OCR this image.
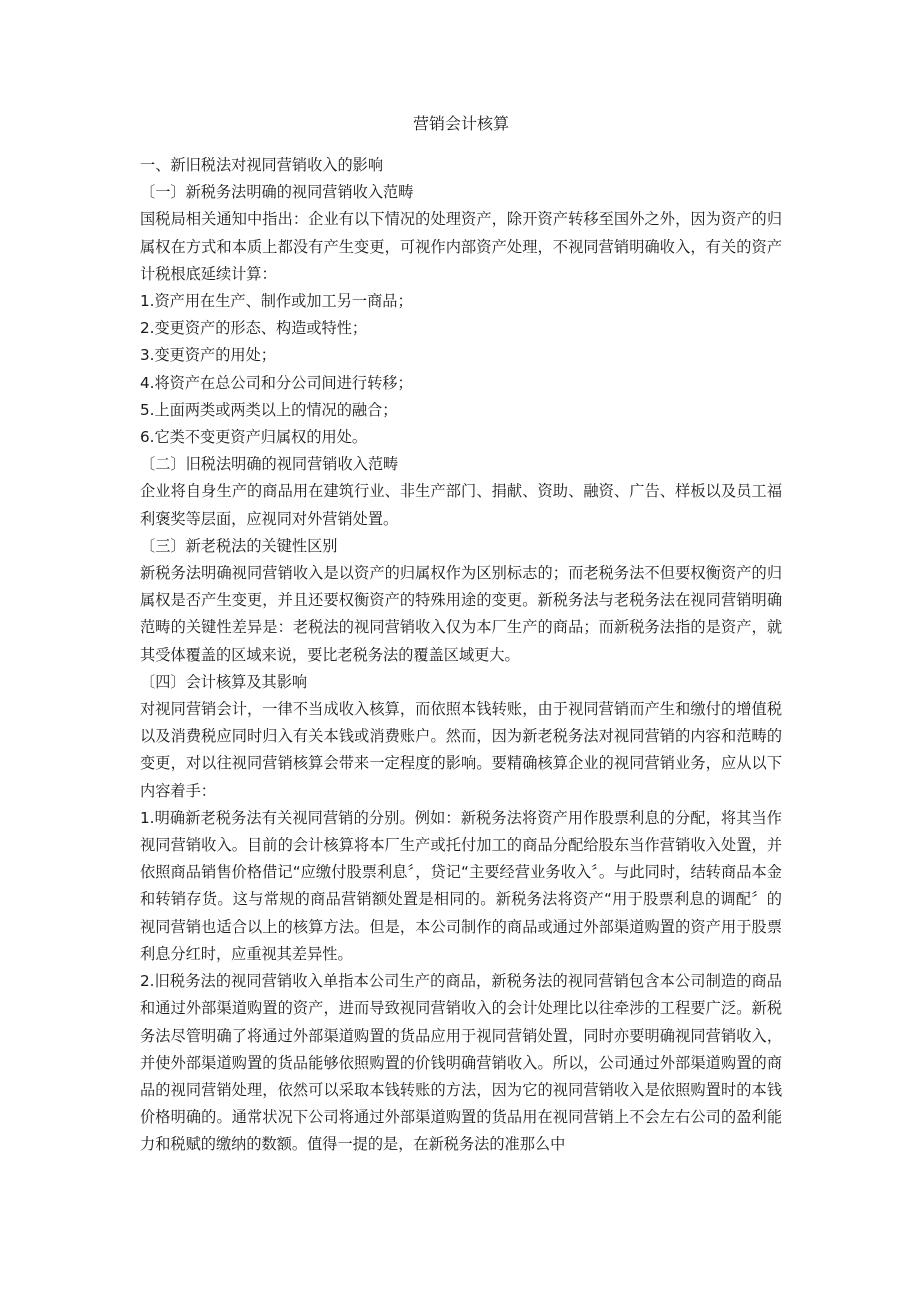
营销会计核算

一、新旧税法对视同营销收入的影响

〔一〕新税务法明确的视同营销收入范畴

国税局相关通知中指出：企业有以下情况的处理资产，除开资产转移至国外之外，因为资产的归属权在方式和本质上都没有产生变更，可视作内部资产处理，不视同营销明确收入，有关的资产计税根底延续计算：

1.资产用在生产、制作或加工另一商品；

2.变更资产的形态、构造或特性；

3.变更资产的用处；

4.将资产在总公司和分公司间进行转移；

5.上面两类或两类以上的情况的融合；

6.它类不变更资产归属权的用处。

〔二〕旧税法明确的视同营销收入范畴

企业将自身生产的商品用在建筑行业、非生产部门、捐献、资助、融资、广告、样板以及员工福利褒奖等层面，应视同对外营销处置。

〔三〕新老税法的关键性区别

新税务法明确视同营销收入是以资产的归属权作为区别标志的；而老税务法不但要权衡资产的归属权是否产生变更，并且还要权衡资产的特殊用途的变更。新税务法与老税务法在视同营销明确范畴的关键性差异是：老税法的视同营销收入仅为本厂生产的商品；而新税务法指的是资产，就其受体覆盖的区域来说，要比老税务法的覆盖区域更大。

〔四〕会计核算及其影响

对视同营销会计，一律不当成收入核算，而依照本钱转账，由于视同营销而产生和缴付的增值税以及消费税应同时归入有关本钱或消费账户。然而，因为新老税务法对视同营销的内容和范畴的变更，对以往视同营销核算会带来一定程度的影响。要精确核算企业的视同营销业务，应从以下内容着手：

1.明确新老税务法有关视同营销的分别。例如：新税务法将资产用作股票利息的分配，将其当作视同营销收入。目前的会计核算将本厂生产或托付加工的商品分配给股东当作营销收入处置，并依照商品销售价格借记“应缴付股票利息〞，贷记“主要经营业务收入〞。与此同时，结转商品本金和转销存货。这与常规的商品营销额处置是相同的。新税务法将资产“用于股票利息的调配〞的视同营销也适合以上的核算方法。但是，本公司制作的商品或通过外部渠道购置的资产用于股票利息分红时，应重视其差异性。

2.旧税务法的视同营销收入单指本公司生产的商品，新税务法的视同营销包含本公司制造的商品和通过外部渠道购置的资产，进而导致视同营销收入的会计处理比以往牵涉的工程要广泛。新税务法尽管明确了将通过外部渠道购置的货品应用于视同营销处置，同时亦要明确视同营销收入，并使外部渠道购置的货品能够依照购置的价钱明确营销收入。所以，公司通过外部渠道购置的商品的视同营销处理，依然可以采取本钱转账的方法，因为它的视同营销收入是依照购置时的本钱价格明确的。通常状况下公司将通过外部渠道购置的货品用在视同营销上不会左右公司的盈利能力和税赋的缴纳的数额。值得一提的是，在新税务法的准那么中
